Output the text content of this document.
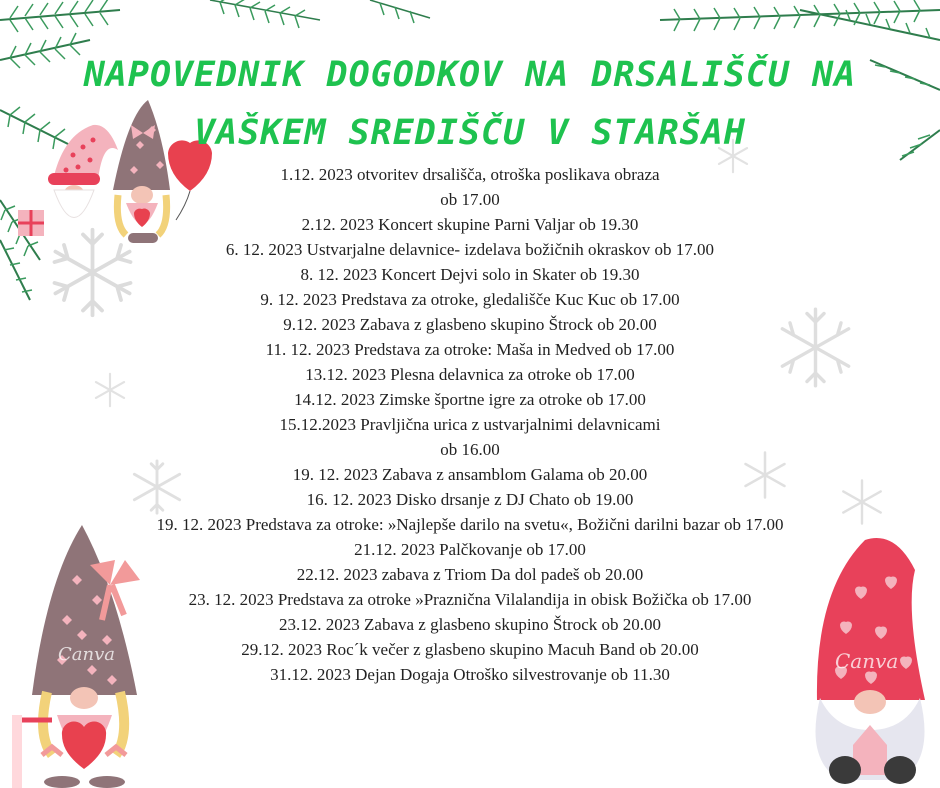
Canva	Canva
NAPOVEDNIK DOGODKOV NA DRSALIŠČU NA
VAŠKEM SREDIŠČU V STARŠAH
1.12. 2023 otvoritev drsališča, otroška poslikava obraza
ob 17.00
2.12. 2023 Koncert skupine Parni Valjar ob 19.30
6. 12. 2023 Ustvarjalne delavnice- izdelava božičnih okraskov ob 17.00
8. 12. 2023 Koncert Dejvi solo in Skater ob 19.30
9. 12. 2023 Predstava za otroke, gledališče Kuc Kuc ob 17.00
9.12. 2023 Zabava z glasbeno skupino Štrock ob 20.00
11. 12. 2023 Predstava za otroke: Maša in Medved ob 17.00
13.12. 2023 Plesna delavnica za otroke ob 17.00
14.12. 2023 Zimske športne igre za otroke ob 17.00
15.12.2023 Pravljična urica z ustvarjalnimi delavnicami
ob 16.00
19. 12. 2023 Zabava z ansamblom Galama ob 20.00
16. 12. 2023 Disko drsanje z DJ Chato ob 19.00
19. 12. 2023 Predstava za otroke: »Najlepše darilo na svetu«, Božični darilni bazar ob 17.00
21.12. 2023 Palčkovanje ob 17.00
22.12. 2023 zabava z Triom Da dol padeš ob 20.00
23. 12. 2023 Predstava za otroke »Praznična Vilalandija in obisk Božička ob 17.00
23.12. 2023 Zabava z glasbeno skupino Štrock ob 20.00
29.12. 2023 Roc´k večer z glasbeno skupino Macuh Band ob 20.00
31.12. 2023 Dejan Dogaja Otroško silvestrovanje ob 11.30
